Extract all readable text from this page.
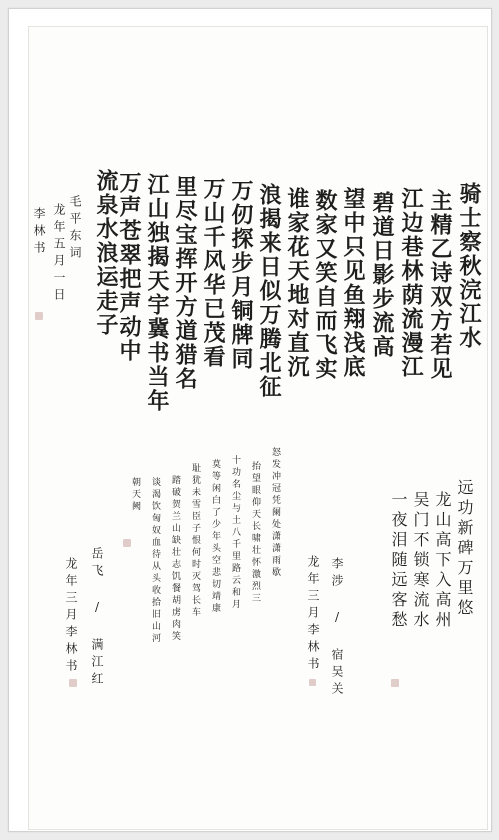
骑士察秋浣江水
主精乙诗双方若见
江边巷林荫流漫江
碧道日影步流高
望中只见鱼翔浅底
数家又笑自而飞实
谁家花天地对直沉
浪揭来日似万腾北征
万仞探步月铜牌同
万山千风华已茂看
里尽宝挥开方道猎名
江山独揭天宇冀书当年
万声苍翠把声动中
流泉水浪运走子
毛平东词
龙年五月一日
李林书
远功新碑万里悠
龙山高下入高州
吴门不锁寒流水
一夜泪随远客愁
李涉 / 宿吴关
龙年三月李林书
怒发冲冠凭阑处潇潇雨歇
抬望眼仰天长啸壮怀激烈三
十功名尘与土八千里路云和月
莫等闲白了少年头空悲切靖康
耻犹未雪臣子恨何时灭驾长车
踏破贺兰山缺壮志饥餐胡虏肉笑
谈渴饮匈奴血待从头收拾旧山河
朝天阙
岳飞 / 满江红
龙年三月李林书
